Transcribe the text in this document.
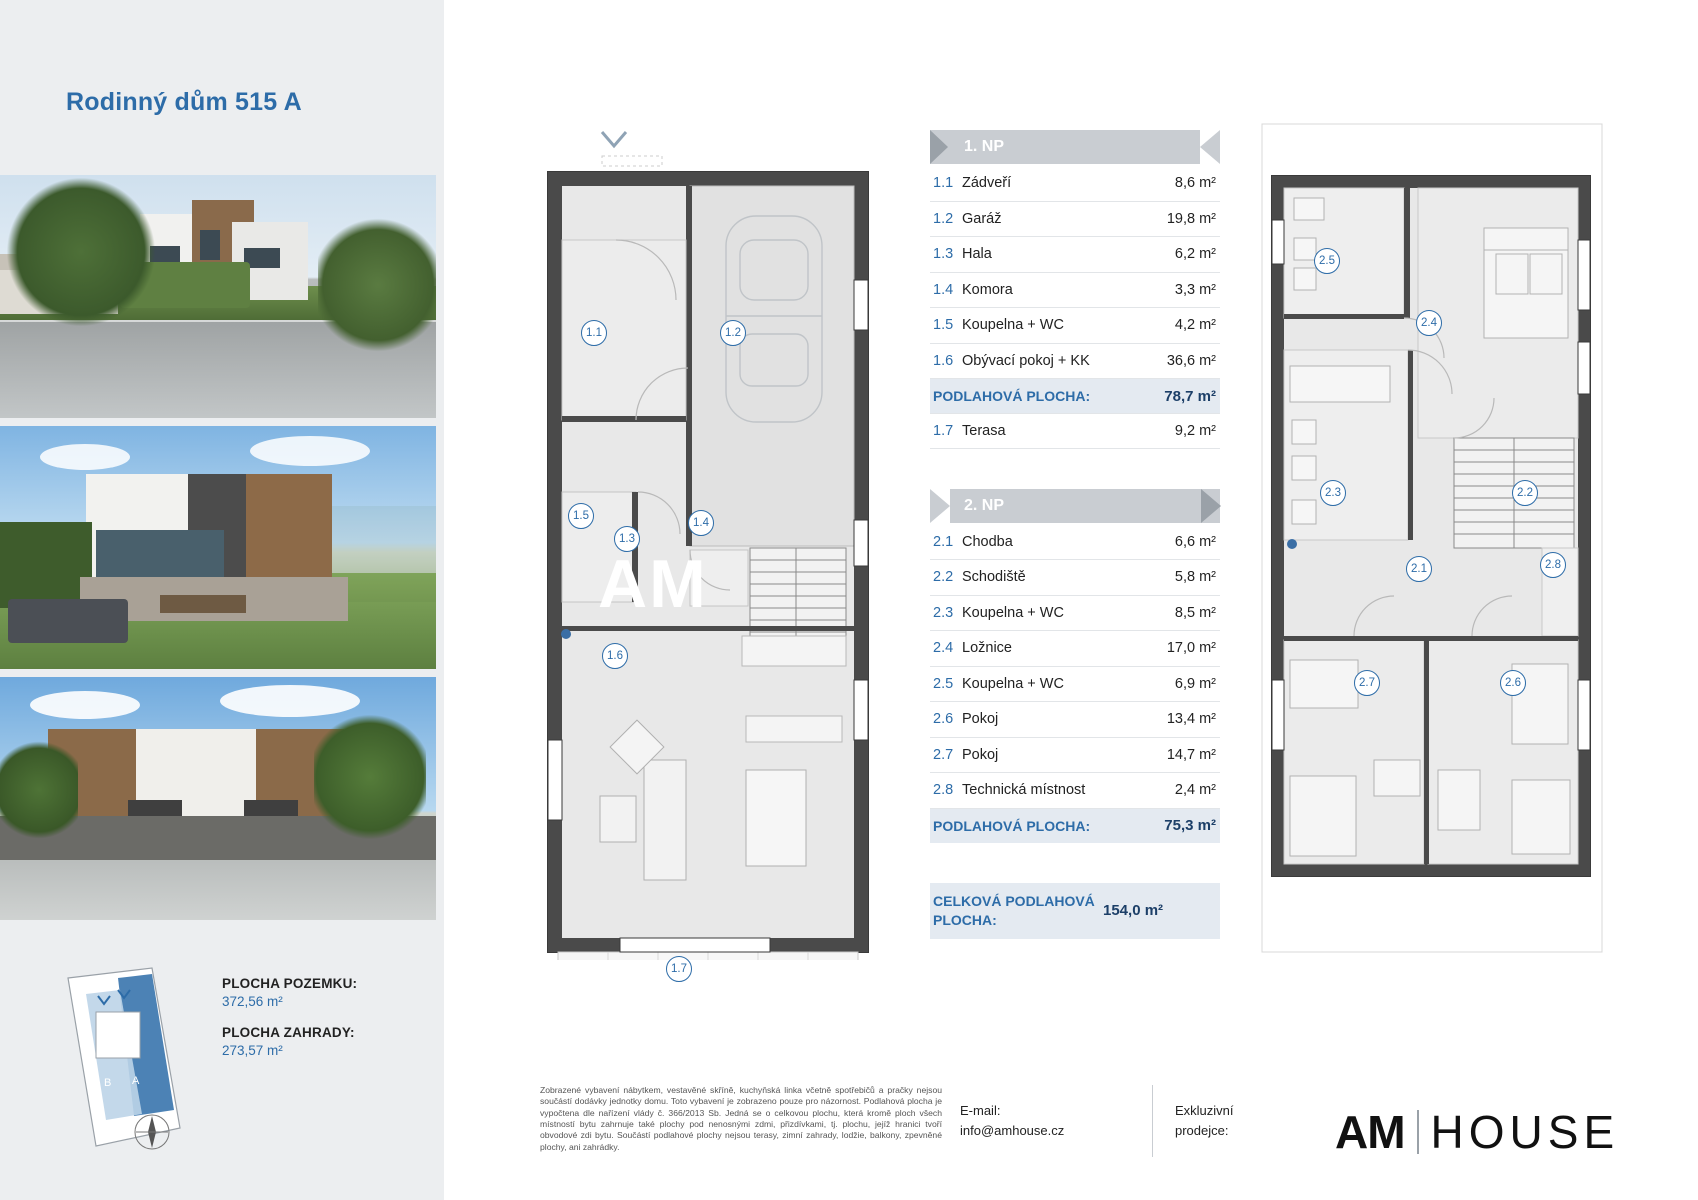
Rodinný dům 515 A
B A
PLOCHA POZEMKU:
372,56 m²
PLOCHA ZAHRADY:
273,57 m²
1.1	1.2
1.3
1.4
1.5
1.6
1.7
AM
1. NP
1.1 Zádveří	8,6 m²
1.2 Garáž	19,8 m²
1.3 Hala	6,2 m²
1.4 Komora	3,3 m²
1.5 Koupelna + WC	4,2 m²
1.6 Obývací pokoj + KK	36,6 m²
PODLAHOVÁ PLOCHA:	78,7 m²
1.7 Terasa	9,2 m²
2. NP
2.1 Chodba	6,6 m²
2.2 Schodiště	5,8 m²
2.3 Koupelna + WC	8,5 m²
2.4 Ložnice	17,0 m²
2.5 Koupelna + WC	6,9 m²
2.6 Pokoj	13,4 m²
2.7 Pokoj	14,7 m²
2.8 Technická místnost	2,4 m²
PODLAHOVÁ PLOCHA:	75,3 m²
CELKOVÁ PODLAHOVÁ PLOCHA:
154,0 m²
2.1
2.2
2.3
2.4
2.5
2.6
2.7
2.8
Zobrazené vybavení nábytkem, vestavěné skříně, kuchyňská linka včetně spotřebičů a pračky nejsou součástí dodávky jednotky domu. Toto vybavení je zobrazeno pouze pro názornost. Podlahová plocha je vypočtena dle nařízení vlády č. 366/2013 Sb. Jedná se o celkovou plochu, která kromě ploch všech místností bytu zahrnuje také plochy pod nenosnými zdmi, přizdívkami, tj. plochu, jejíž hranici tvoří obvodové zdi bytu. Součástí podlahové plochy nejsou terasy, zimní zahrady, lodžie, balkony, zpevněné plochy, ani zahrádky.
E-mail:
info@amhouse.cz
Exkluzivní
prodejce:	AM HOUSE
